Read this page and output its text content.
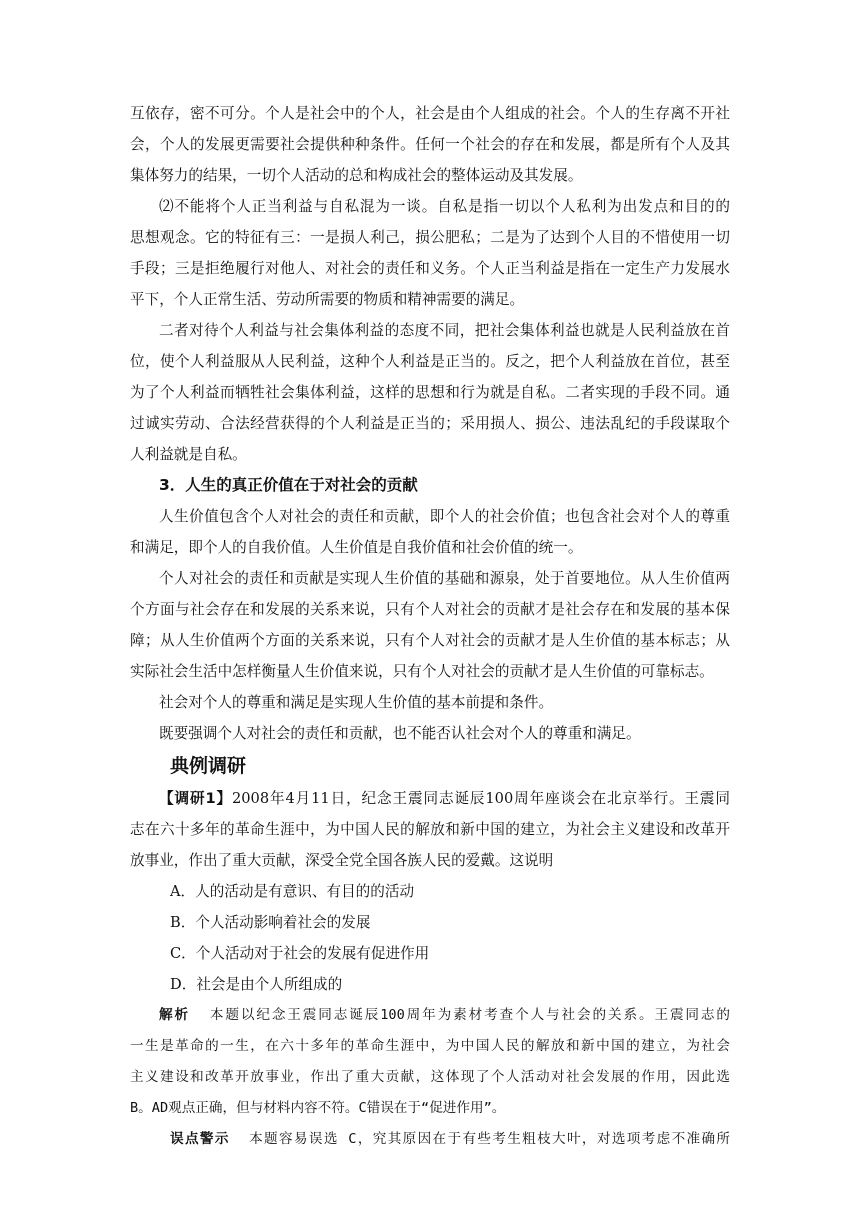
互依存，密不可分。个人是社会中的个人，社会是由个人组成的社会。个人的生存离不开社
会，个人的发展更需要社会提供种种条件。任何一个社会的存在和发展，都是所有个人及其
集体努力的结果，一切个人活动的总和构成社会的整体运动及其发展。
⑵不能将个人正当利益与自私混为一谈。自私是指一切以个人私利为出发点和目的的
思想观念。它的特征有三：一是损人利己，损公肥私；二是为了达到个人目的不惜使用一切
手段；三是拒绝履行对他人、对社会的责任和义务。个人正当利益是指在一定生产力发展水
平下，个人正常生活、劳动所需要的物质和精神需要的满足。
二者对待个人利益与社会集体利益的态度不同，把社会集体利益也就是人民利益放在首
位，使个人利益服从人民利益，这种个人利益是正当的。反之，把个人利益放在首位，甚至
为了个人利益而牺牲社会集体利益，这样的思想和行为就是自私。二者实现的手段不同。通
过诚实劳动、合法经营获得的个人利益是正当的；采用损人、损公、违法乱纪的手段谋取个
人利益就是自私。
3．人生的真正价值在于对社会的贡献
人生价值包含个人对社会的责任和贡献，即个人的社会价值；也包含社会对个人的尊重
和满足，即个人的自我价值。人生价值是自我价值和社会价值的统一。
个人对社会的责任和贡献是实现人生价值的基础和源泉，处于首要地位。从人生价值两
个方面与社会存在和发展的关系来说，只有个人对社会的贡献才是社会存在和发展的基本保
障；从人生价值两个方面的关系来说，只有个人对社会的贡献才是人生价值的基本标志；从
实际社会生活中怎样衡量人生价值来说，只有个人对社会的贡献才是人生价值的可靠标志。
社会对个人的尊重和满足是实现人生价值的基本前提和条件。
既要强调个人对社会的责任和贡献，也不能否认社会对个人的尊重和满足。
典例调研
【调研1】2008年4月11日，纪念王震同志诞辰100周年座谈会在北京举行。王震同
志在六十多年的革命生涯中，为中国人民的解放和新中国的建立，为社会主义建设和改革开
放事业，作出了重大贡献，深受全党全国各族人民的爱戴。这说明
A．人的活动是有意识、有目的的活动
B．个人活动影响着社会的发展
C．个人活动对于社会的发展有促进作用
D．社会是由个人所组成的
解析 本题以纪念王震同志诞辰100周年为素材考查个人与社会的关系。王震同志的
一生是革命的一生，在六十多年的革命生涯中，为中国人民的解放和新中国的建立，为社会
主义建设和改革开放事业，作出了重大贡献，这体现了个人活动对社会发展的作用，因此选
B。AD观点正确，但与材料内容不符。C错误在于“促进作用”。
误点警示 本题容易误选 C，究其原因在于有些考生粗枝大叶，对选项考虑不准确所
